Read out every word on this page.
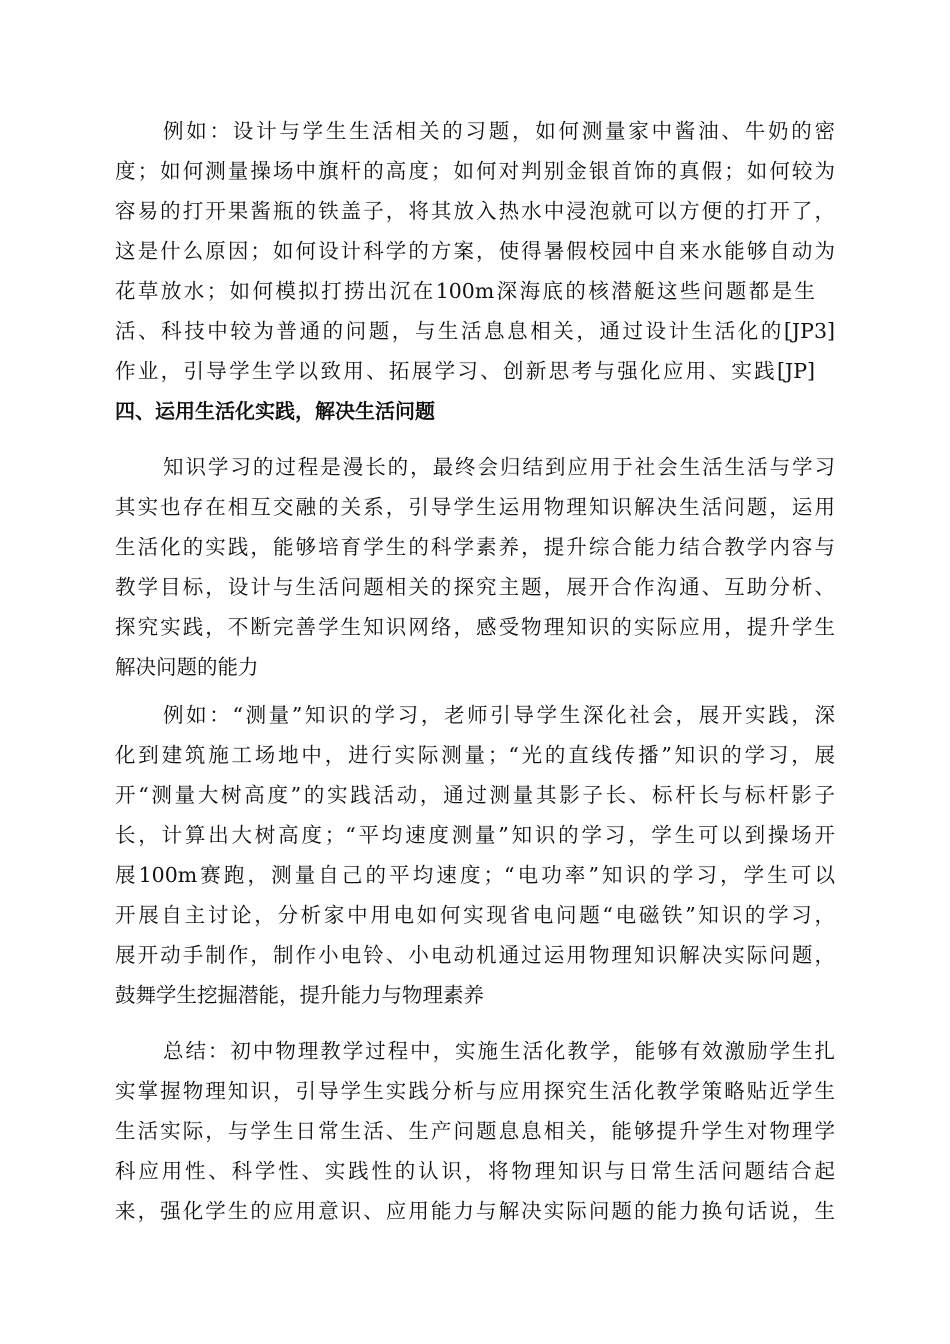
例如：设计与学生生活相关的习题，如何测量家中酱油、牛奶的密
度；如何测量操场中旗杆的高度；如何对判别金银首饰的真假；如何较为
容易的打开果酱瓶的铁盖子，将其放入热水中浸泡就可以方便的打开了，
这是什么原因；如何设计科学的方案，使得暑假校园中自来水能够自动为
花草放水；如何模拟打捞出沉在100m深海底的核潜艇这些问题都是生
活、科技中较为普通的问题，与生活息息相关，通过设计生活化的[JP3]
作业，引导学生学以致用、拓展学习、创新思考与强化应用、实践[JP]
四、运用生活化实践，解决生活问题
知识学习的过程是漫长的，最终会归结到应用于社会生活生活与学习
其实也存在相互交融的关系，引导学生运用物理知识解决生活问题，运用
生活化的实践，能够培育学生的科学素养，提升综合能力结合教学内容与
教学目标，设计与生活问题相关的探究主题，展开合作沟通、互助分析、
探究实践，不断完善学生知识网络，感受物理知识的实际应用，提升学生
解决问题的能力
例如：“测量”知识的学习，老师引导学生深化社会，展开实践，深
化到建筑施工场地中，进行实际测量；“光的直线传播”知识的学习，展
开“测量大树高度”的实践活动，通过测量其影子长、标杆长与标杆影子
长，计算出大树高度；“平均速度测量”知识的学习，学生可以到操场开
展100m赛跑，测量自己的平均速度；“电功率”知识的学习，学生可以
开展自主讨论，分析家中用电如何实现省电问题“电磁铁”知识的学习，
展开动手制作，制作小电铃、小电动机通过运用物理知识解决实际问题，
鼓舞学生挖掘潜能，提升能力与物理素养
总结：初中物理教学过程中，实施生活化教学，能够有效激励学生扎
实掌握物理知识，引导学生实践分析与应用探究生活化教学策略贴近学生
生活实际，与学生日常生活、生产问题息息相关，能够提升学生对物理学
科应用性、科学性、实践性的认识，将物理知识与日常生活问题结合起
来，强化学生的应用意识、应用能力与解决实际问题的能力换句话说，生
